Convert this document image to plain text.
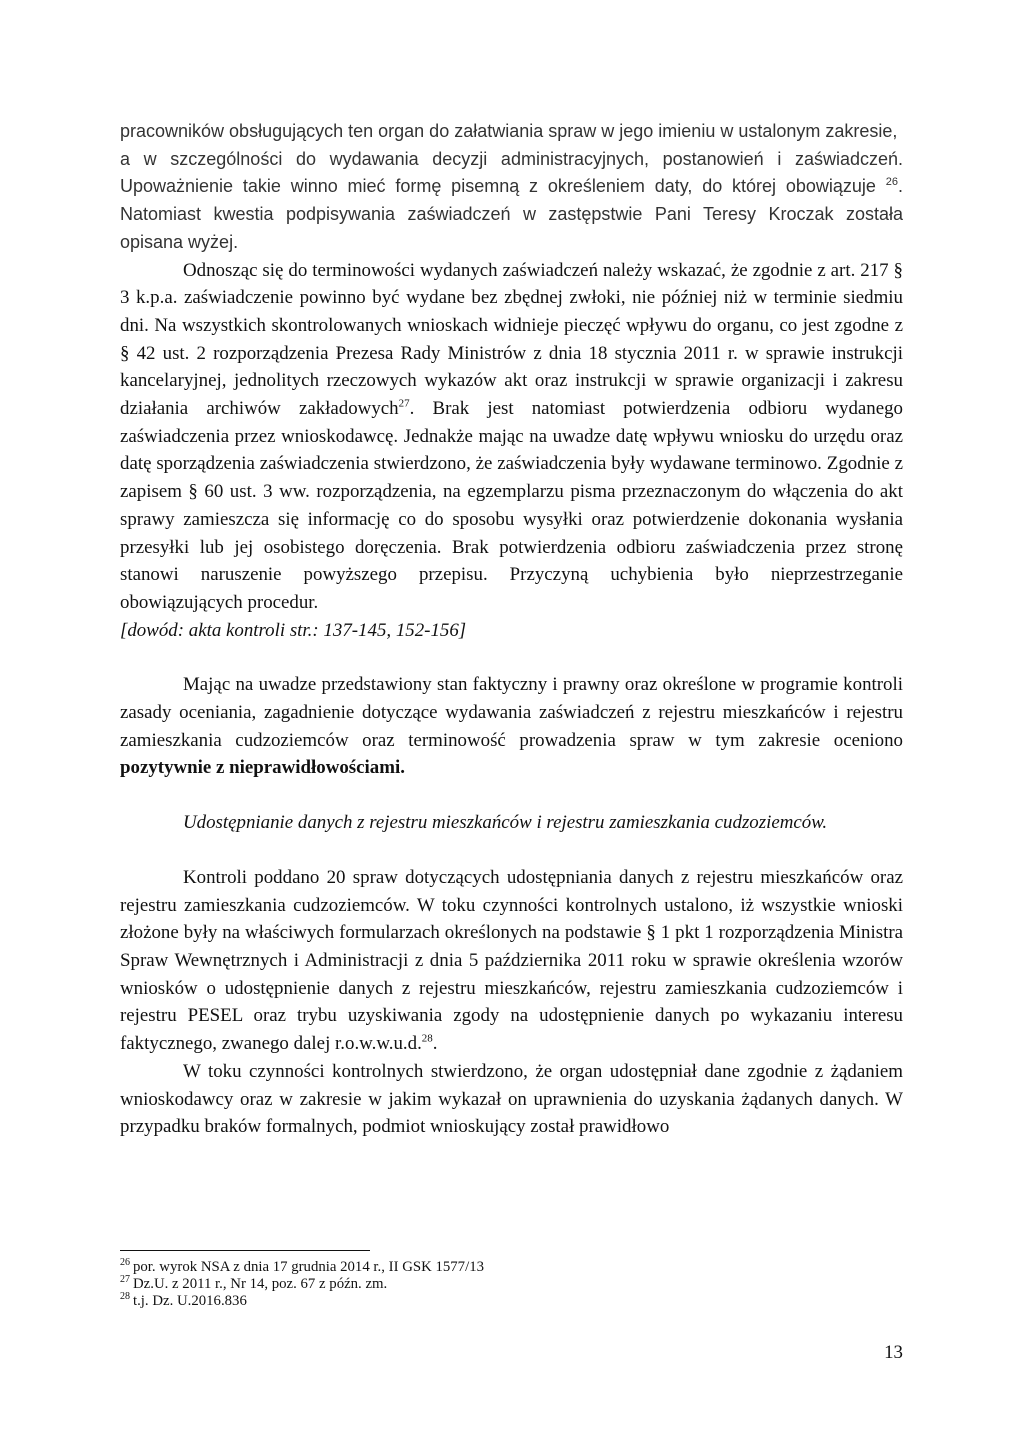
pracowników obsługujących ten organ do załatwiania spraw w jego imieniu w ustalonym zakresie,
a w szczególności do wydawania decyzji administracyjnych, postanowień i zaświadczeń. Upoważnienie takie winno mieć formę pisemną z określeniem daty, do której obowiązuje $^{26}$. Natomiast kwestia podpisywania zaświadczeń w zastępstwie Pani Teresy Kroczak została opisana wyżej.

Odnosząc się do terminowości wydanych zaświadczeń należy wskazać, że zgodnie z art. 217 § 3 k.p.a. zaświadczenie powinno być wydane bez zbędnej zwłoki, nie później niż w terminie siedmiu dni. Na wszystkich skontrolowanych wnioskach widnieje pieczęć wpływu do organu, co jest zgodne z § 42 ust. 2 rozporządzenia Prezesa Rady Ministrów z dnia 18 stycznia 2011 r. w sprawie instrukcji kancelaryjnej, jednolitych rzeczowych wykazów akt oraz instrukcji w sprawie organizacji i zakresu działania archiwów zakładowych$^{27}$. Brak jest natomiast potwierdzenia odbioru wydanego zaświadczenia przez wnioskodawcę. Jednakże mając na uwadze datę wpływu wniosku do urzędu oraz datę sporządzenia zaświadczenia stwierdzono, że zaświadczenia były wydawane terminowo. Zgodnie z zapisem § 60 ust. 3 ww. rozporządzenia, na egzemplarzu pisma przeznaczonym do włączenia do akt sprawy zamieszcza się informację co do sposobu wysyłki oraz potwierdzenie dokonania wysłania przesyłki lub jej osobistego doręczenia. Brak potwierdzenia odbioru zaświadczenia przez stronę stanowi naruszenie powyższego przepisu. Przyczyną uchybienia było nieprzestrzeganie obowiązujących procedur.

[dowód: akta kontroli str.: 137-145, 152-156]

Mając na uwadze przedstawiony stan faktyczny i prawny oraz określone w programie kontroli zasady oceniania, zagadnienie dotyczące wydawania zaświadczeń z rejestru mieszkańców i rejestru zamieszkania cudzoziemców oraz terminowość prowadzenia spraw w tym zakresie oceniono pozytywnie z nieprawidłowościami.

Udostępnianie danych z rejestru mieszkańców i rejestru zamieszkania cudzoziemców.

Kontroli poddano 20 spraw dotyczących udostępniania danych z rejestru mieszkańców oraz rejestru zamieszkania cudzoziemców. W toku czynności kontrolnych ustalono, iż wszystkie wnioski złożone były na właściwych formularzach określonych na podstawie § 1 pkt 1 rozporządzenia Ministra Spraw Wewnętrznych i Administracji z dnia 5 października 2011 roku w sprawie określenia wzorów wniosków o udostępnienie danych z rejestru mieszkańców, rejestru zamieszkania cudzoziemców i rejestru PESEL oraz trybu uzyskiwania zgody na udostępnienie danych po wykazaniu interesu faktycznego, zwanego dalej r.o.w.w.u.d.$^{28}$.

W toku czynności kontrolnych stwierdzono, że organ udostępniał dane zgodnie z żądaniem wnioskodawcy oraz w zakresie w jakim wykazał on uprawnienia do uzyskania żądanych danych. W przypadku braków formalnych, podmiot wnioskujący został prawidłowo

$^{26}$ por. wyrok NSA z dnia 17 grudnia 2014 r., II GSK 1577/13

$^{27}$ Dz.U. z 2011 r., Nr 14, poz. 67 z późn. zm.

$^{28}$ t.j. Dz. U.2016.836

13
